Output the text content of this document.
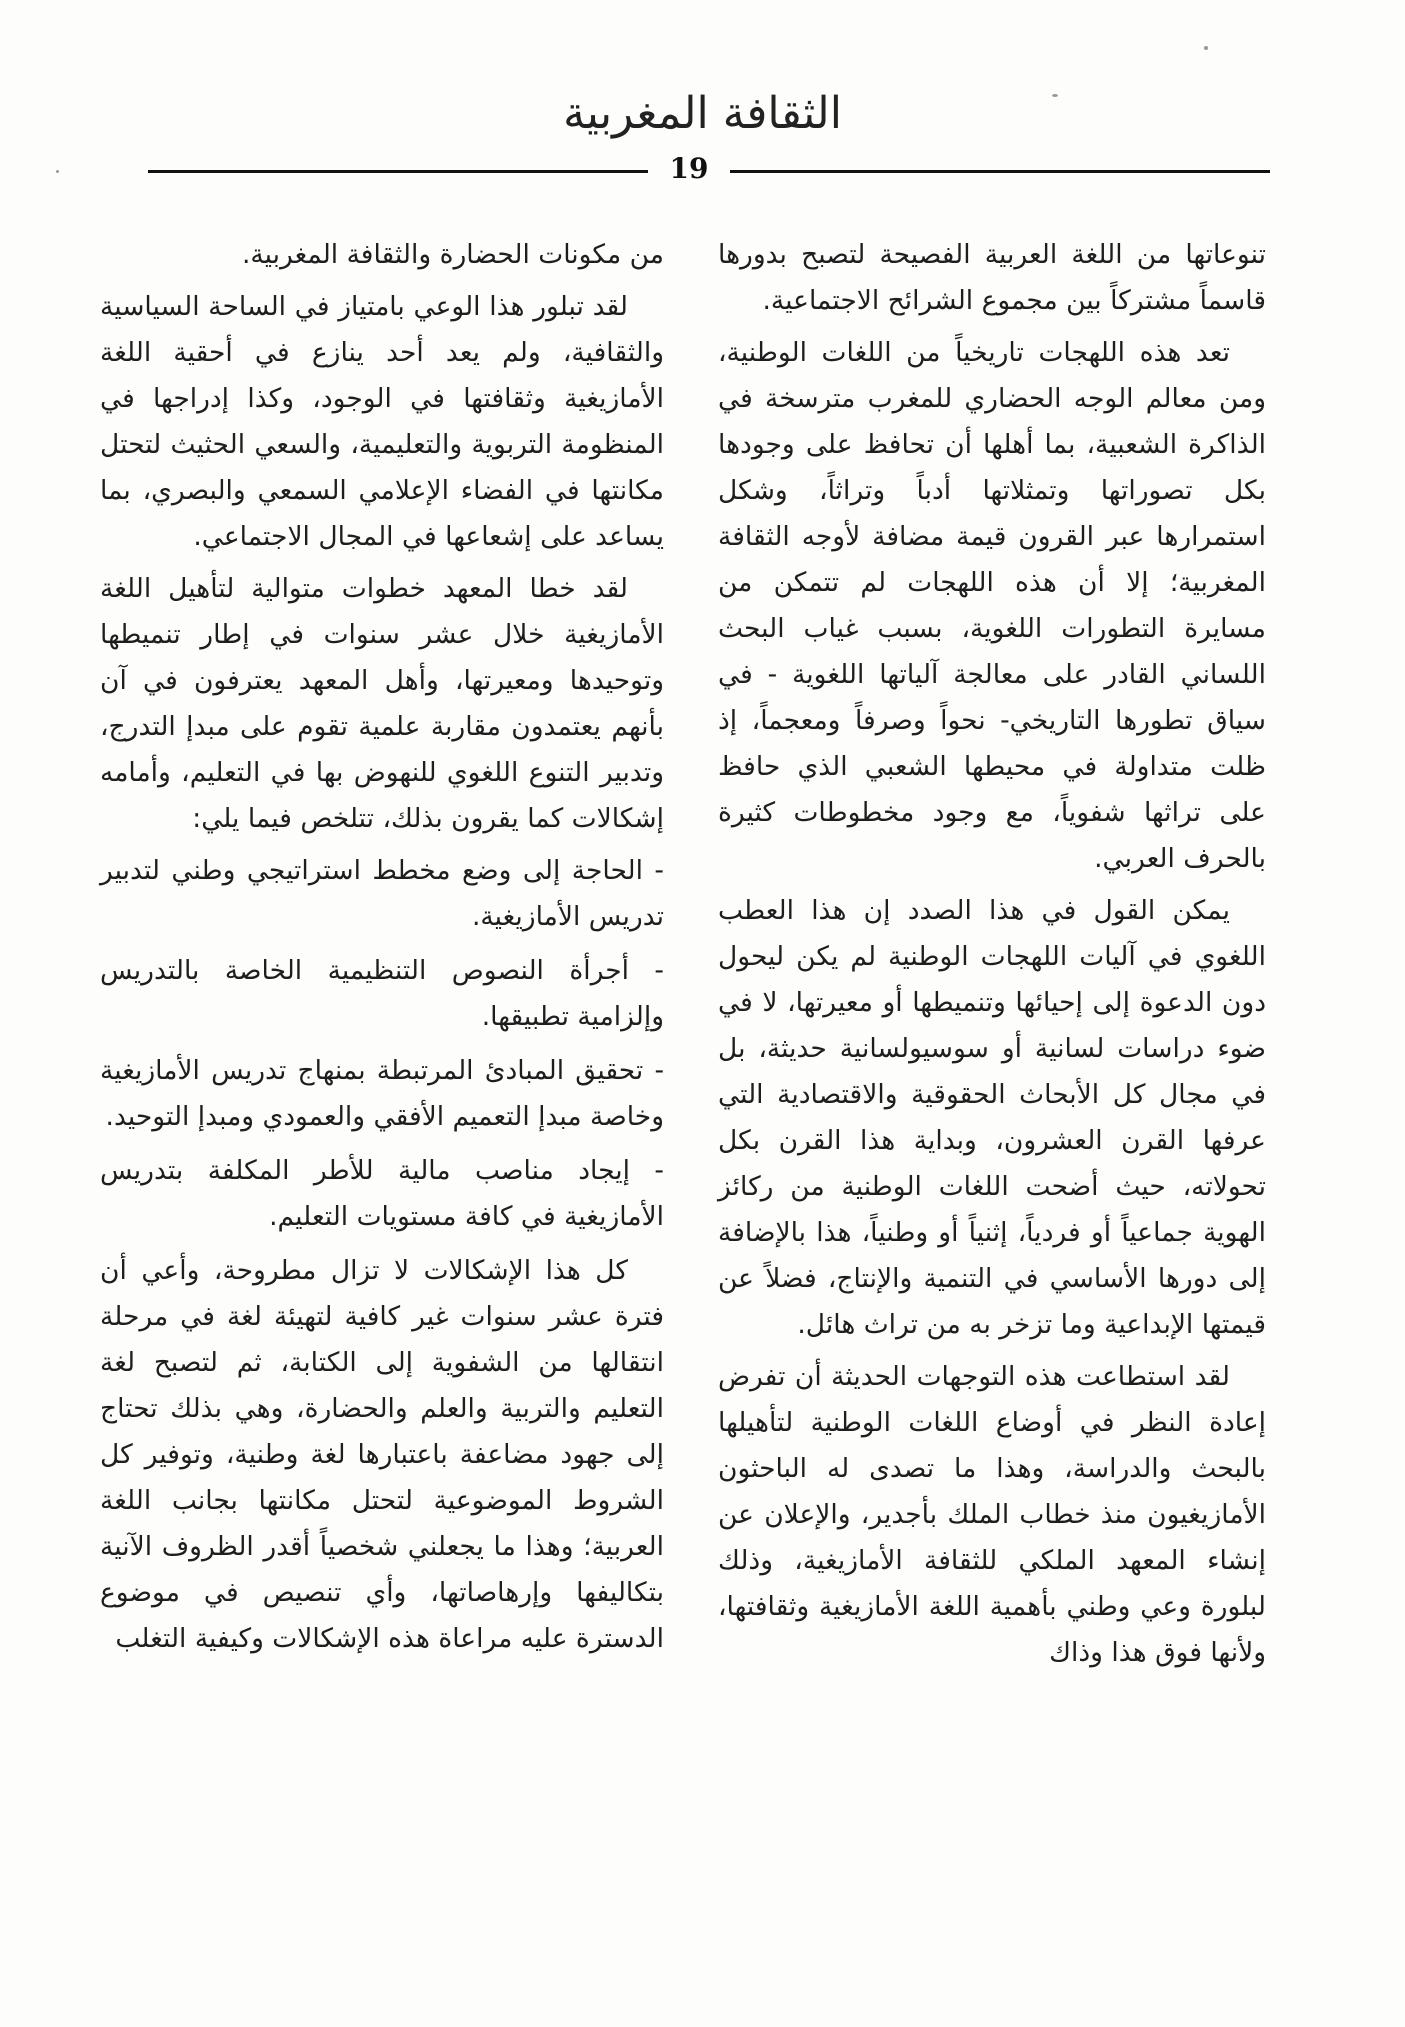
الثقافة المغربية
19

تنوعاتها من اللغة العربية الفصيحة لتصبح بدورها قاسماً مشتركاً بين مجموع الشرائح الاجتماعية.

تعد هذه اللهجات تاريخياً من اللغات الوطنية، ومن معالم الوجه الحضاري للمغرب مترسخة في الذاكرة الشعبية، بما أهلها أن تحافظ على وجودها بكل تصوراتها وتمثلاتها أدباً وتراثاً، وشكل استمرارها عبر القرون قيمة مضافة لأوجه الثقافة المغربية؛ إلا أن هذه اللهجات لم تتمكن من مسايرة التطورات اللغوية، بسبب غياب البحث اللساني القادر على معالجة آلياتها اللغوية - في سياق تطورها التاريخي- نحواً وصرفاً ومعجماً، إذ ظلت متداولة في محيطها الشعبي الذي حافظ على تراثها شفوياً، مع وجود مخطوطات كثيرة بالحرف العربي.

يمكن القول في هذا الصدد إن هذا العطب اللغوي في آليات اللهجات الوطنية لم يكن ليحول دون الدعوة إلى إحيائها وتنميطها أو معيرتها، لا في ضوء دراسات لسانية أو سوسيولسانية حديثة، بل في مجال كل الأبحاث الحقوقية والاقتصادية التي عرفها القرن العشرون، وبداية هذا القرن بكل تحولاته، حيث أضحت اللغات الوطنية من ركائز الهوية جماعياً أو فردياً، إثنياً أو وطنياً، هذا بالإضافة إلى دورها الأساسي في التنمية والإنتاج، فضلاً عن قيمتها الإبداعية وما تزخر به من تراث هائل.

لقد استطاعت هذه التوجهات الحديثة أن تفرض إعادة النظر في أوضاع اللغات الوطنية لتأهيلها بالبحث والدراسة، وهذا ما تصدى له الباحثون الأمازيغيون منذ خطاب الملك بأجدير، والإعلان عن إنشاء المعهد الملكي للثقافة الأمازيغية، وذلك لبلورة وعي وطني بأهمية اللغة الأمازيغية وثقافتها، ولأنها فوق هذا وذاك

من مكونات الحضارة والثقافة المغربية.

لقد تبلور هذا الوعي بامتياز في الساحة السياسية والثقافية، ولم يعد أحد ينازع في أحقية اللغة الأمازيغية وثقافتها في الوجود، وكذا إدراجها في المنظومة التربوية والتعليمية، والسعي الحثيث لتحتل مكانتها في الفضاء الإعلامي السمعي والبصري، بما يساعد على إشعاعها في المجال الاجتماعي.

لقد خطا المعهد خطوات متوالية لتأهيل اللغة الأمازيغية خلال عشر سنوات في إطار تنميطها وتوحيدها ومعيرتها، وأهل المعهد يعترفون في آن بأنهم يعتمدون مقاربة علمية تقوم على مبدإ التدرج، وتدبير التنوع اللغوي للنهوض بها في التعليم، وأمامه إشكالات كما يقرون بذلك، تتلخص فيما يلي:

- الحاجة إلى وضع مخطط استراتيجي وطني لتدبير تدريس الأمازيغية.

- أجرأة النصوص التنظيمية الخاصة بالتدريس وإلزامية تطبيقها.

- تحقيق المبادئ المرتبطة بمنهاج تدريس الأمازيغية وخاصة مبدإ التعميم الأفقي والعمودي ومبدإ التوحيد.

- إيجاد مناصب مالية للأطر المكلفة بتدريس الأمازيغية في كافة مستويات التعليم.

كل هذا الإشكالات لا تزال مطروحة، وأعي أن فترة عشر سنوات غير كافية لتهيئة لغة في مرحلة انتقالها من الشفوية إلى الكتابة، ثم لتصبح لغة التعليم والتربية والعلم والحضارة، وهي بذلك تحتاج إلى جهود مضاعفة باعتبارها لغة وطنية، وتوفير كل الشروط الموضوعية لتحتل مكانتها بجانب اللغة العربية؛ وهذا ما يجعلني شخصياً أقدر الظروف الآنية بتكاليفها وإرهاصاتها، وأي تنصيص في موضوع الدسترة عليه مراعاة هذه الإشكالات وكيفية التغلب
